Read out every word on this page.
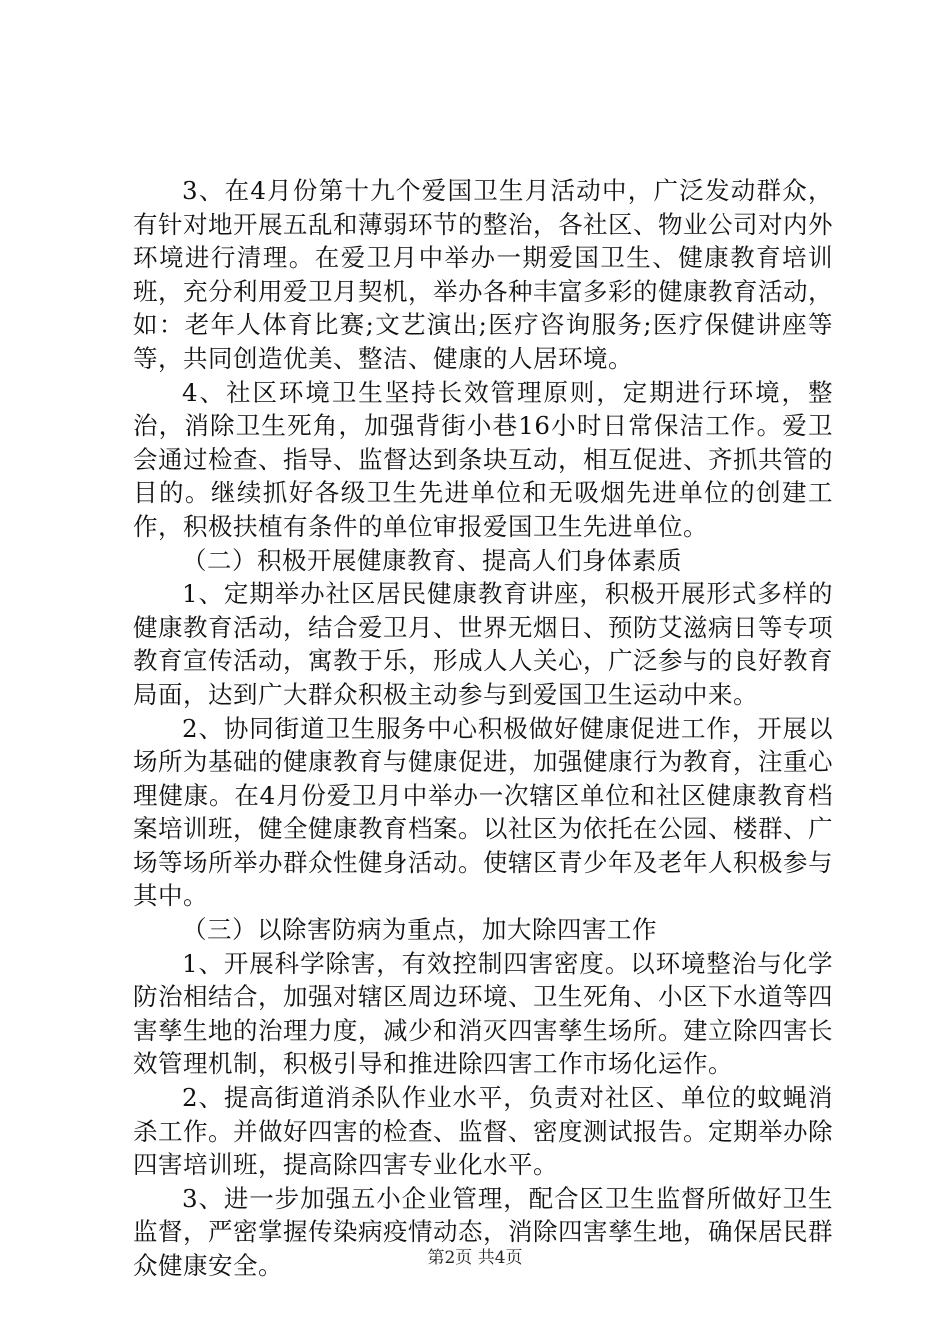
3、在4月份第十九个爱国卫生月活动中，广泛发动群众，有针对地开展五乱和薄弱环节的整治，各社区、物业公司对内外环境进行清理。在爱卫月中举办一期爱国卫生、健康教育培训班，充分利用爱卫月契机，举办各种丰富多彩的健康教育活动，如：老年人体育比赛;文艺演出;医疗咨询服务;医疗保健讲座等等，共同创造优美、整洁、健康的人居环境。

4、社区环境卫生坚持长效管理原则，定期进行环境，整治，消除卫生死角，加强背街小巷16小时日常保洁工作。爱卫会通过检查、指导、监督达到条块互动，相互促进、齐抓共管的目的。继续抓好各级卫生先进单位和无吸烟先进单位的创建工作，积极扶植有条件的单位审报爱国卫生先进单位。

（二）积极开展健康教育、提高人们身体素质

1、定期举办社区居民健康教育讲座，积极开展形式多样的健康教育活动，结合爱卫月、世界无烟日、预防艾滋病日等专项教育宣传活动，寓教于乐，形成人人关心，广泛参与的良好教育局面，达到广大群众积极主动参与到爱国卫生运动中来。

2、协同街道卫生服务中心积极做好健康促进工作，开展以场所为基础的健康教育与健康促进，加强健康行为教育，注重心理健康。在4月份爱卫月中举办一次辖区单位和社区健康教育档案培训班，健全健康教育档案。以社区为依托在公园、楼群、广场等场所举办群众性健身活动。使辖区青少年及老年人积极参与其中。

（三）以除害防病为重点，加大除四害工作

1、开展科学除害，有效控制四害密度。以环境整治与化学防治相结合，加强对辖区周边环境、卫生死角、小区下水道等四害孳生地的治理力度，减少和消灭四害孳生场所。建立除四害长效管理机制，积极引导和推进除四害工作市场化运作。

2、提高街道消杀队作业水平，负责对社区、单位的蚊蝇消杀工作。并做好四害的检查、监督、密度测试报告。定期举办除四害培训班，提高除四害专业化水平。

3、进一步加强五小企业管理，配合区卫生监督所做好卫生监督，严密掌握传染病疫情动态，消除四害孳生地，确保居民群众健康安全。	第2页 共4页
